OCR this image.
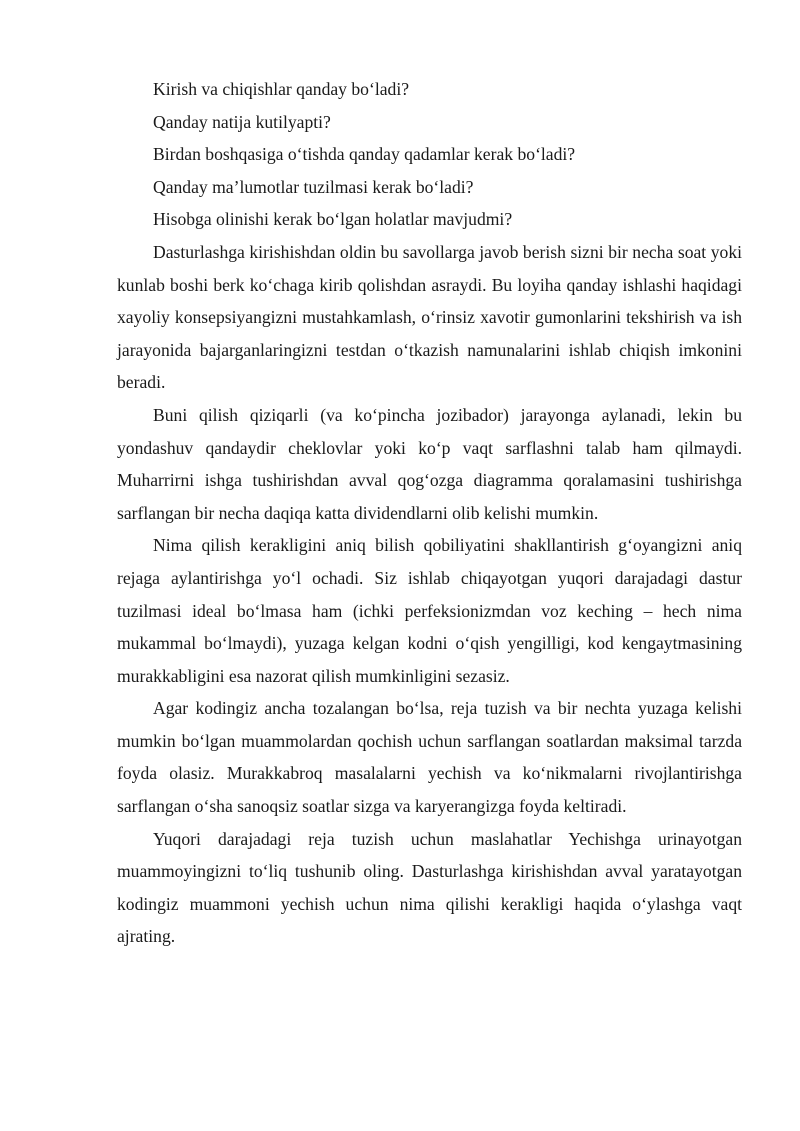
Kirish va chiqishlar qanday bo‘ladi?

Qanday natija kutilyapti?

Birdan boshqasiga o‘tishda qanday qadamlar kerak bo‘ladi?

Qanday ma’lumotlar tuzilmasi kerak bo‘ladi?

Hisobga olinishi kerak bo‘lgan holatlar mavjudmi?

Dasturlashga kirishishdan oldin bu savollarga javob berish sizni bir necha soat yoki kunlab boshi berk ko‘chaga kirib qolishdan asraydi. Bu loyiha qanday ishlashi haqidagi xayoliy konsepsiyangizni mustahkamlash, o‘rinsiz xavotir gumonlarini tekshirish va ish jarayonida bajarganlaringizni testdan o‘tkazish namunalarini ishlab chiqish imkonini beradi.

Buni qilish qiziqarli (va ko‘pincha jozibador) jarayonga aylanadi, lekin bu yondashuv qandaydir cheklovlar yoki ko‘p vaqt sarflashni talab ham qilmaydi. Muharrirni ishga tushirishdan avval qog‘ozga diagramma qoralamasini tushirishga sarflangan bir necha daqiqa katta dividendlarni olib kelishi mumkin.

Nima qilish kerakligini aniq bilish qobiliyatini shakllantirish g‘oyangizni aniq rejaga aylantirishga yo‘l ochadi. Siz ishlab chiqayotgan yuqori darajadagi dastur tuzilmasi ideal bo‘lmasa ham (ichki perfeksionizmdan voz keching – hech nima mukammal bo‘lmaydi), yuzaga kelgan kodni o‘qish yengilligi, kod kengaytmasining murakkabligini esa nazorat qilish mumkinligini sezasiz.

Agar kodingiz ancha tozalangan bo‘lsa, reja tuzish va bir nechta yuzaga kelishi mumkin bo‘lgan muammolardan qochish uchun sarflangan soatlardan maksimal tarzda foyda olasiz. Murakkabroq masalalarni yechish va ko‘nikmalarni rivojlantirishga sarflangan o‘sha sanoqsiz soatlar sizga va karyerangizga foyda keltiradi.

Yuqori darajadagi reja tuzish uchun maslahatlar Yechishga urinayotgan muammoyingizni to‘liq tushunib oling. Dasturlashga kirishishdan avval yaratayotgan kodingiz muammoni yechish uchun nima qilishi kerakligi haqida o‘ylashga vaqt ajrating.
